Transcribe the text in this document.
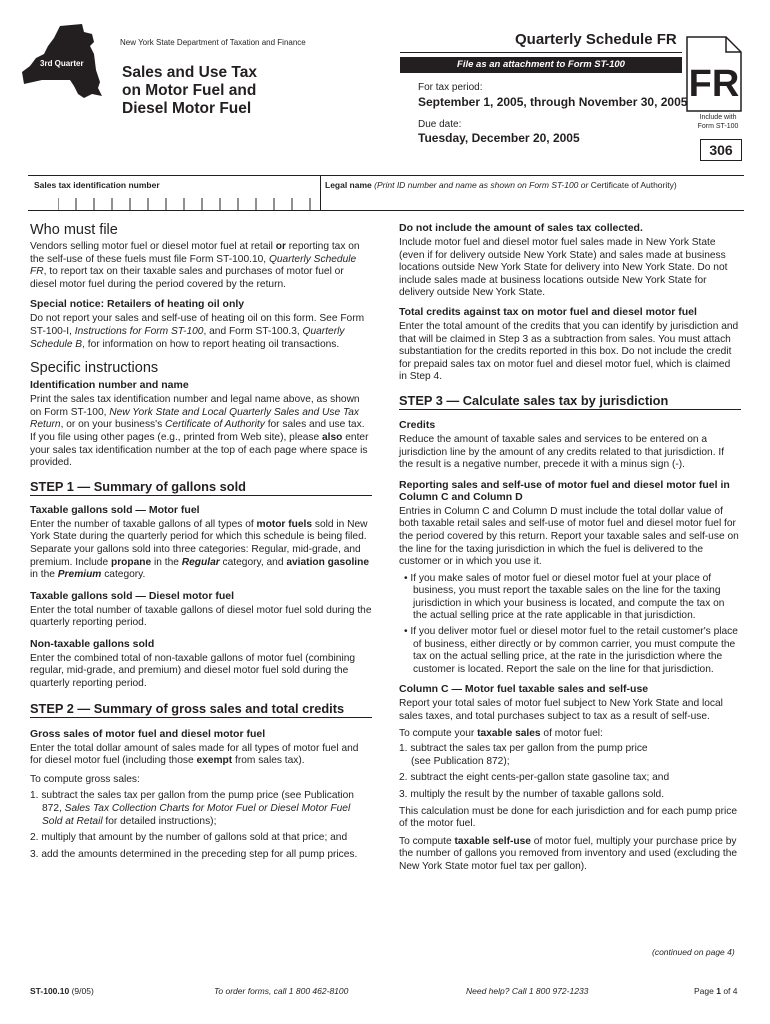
3rd Quarter
New York State Department of Taxation and Finance	Quarterly Schedule FR
File as an attachment to Form ST-100
Sales and Use Tax
on Motor Fuel and
Diesel Motor Fuel
For tax period:
September 1, 2005, through November 30, 2005
Due date:
Tuesday, December 20, 2005
FR
Include with
Form ST-100
306
Sales tax identification number	Legal name (Print ID number and name as shown on Form ST-100 or Certificate of Authority)
Who must file

Vendors selling motor fuel or diesel motor fuel at retail or reporting tax on the self-use of these fuels must file Form ST-100.10, Quarterly Schedule FR, to report tax on their taxable sales and purchases of motor fuel or diesel motor fuel during the period covered by the return.

Special notice: Retailers of heating oil only

Do not report your sales and self-use of heating oil on this form. See Form ST-100-I, Instructions for Form ST-100, and Form ST-100.3, Quarterly Schedule B, for information on how to report heating oil transactions.

Specific instructions
Identification number and name

Print the sales tax identification number and legal name above, as shown on Form ST-100, New York State and Local Quarterly Sales and Use Tax Return, or on your business's Certificate of Authority for sales and use tax. If you file using other pages (e.g., printed from Web site), please also enter your sales tax identification number at the top of each page where space is provided.

STEP 1 — Summary of gallons sold
Taxable gallons sold — Motor fuel

Enter the number of taxable gallons of all types of motor fuels sold in New York State during the quarterly period for which this schedule is being filed. Separate your gallons sold into three categories: Regular, mid-grade, and premium. Include propane in the Regular category, and aviation gasoline in the Premium category.

Taxable gallons sold — Diesel motor fuel

Enter the total number of taxable gallons of diesel motor fuel sold during the quarterly reporting period.

Non-taxable gallons sold

Enter the combined total of non-taxable gallons of motor fuel (combining regular, mid-grade, and premium) and diesel motor fuel sold during the quarterly reporting period.

STEP 2 — Summary of gross sales and total credits
Gross sales of motor fuel and diesel motor fuel

Enter the total dollar amount of sales made for all types of motor fuel and for diesel motor fuel (including those exempt from sales tax).

To compute gross sales:

1. subtract the sales tax per gallon from the pump price (see Publication 872, Sales Tax Collection Charts for Motor Fuel or Diesel Motor Fuel Sold at Retail for detailed instructions);
2. multiply that amount by the number of gallons sold at that price; and
3. add the amounts determined in the preceding step for all pump prices.
Do not include the amount of sales tax collected.

Include motor fuel and diesel motor fuel sales made in New York State (even if for delivery outside New York State) and sales made at business locations outside New York State for delivery into New York State. Do not include sales made at business locations outside New York State for delivery outside New York State.

Total credits against tax on motor fuel and diesel motor fuel

Enter the total amount of the credits that you can identify by jurisdiction and that will be claimed in Step 3 as a subtraction from sales. You must attach substantiation for the credits reported in this box. Do not include the credit for prepaid sales tax on motor fuel and diesel motor fuel, which is claimed in Step 4.

STEP 3 — Calculate sales tax by jurisdiction
Credits

Reduce the amount of taxable sales and services to be entered on a jurisdiction line by the amount of any credits related to that jurisdiction. If the result is a negative number, precede it with a minus sign (-).

Reporting sales and self-use of motor fuel and diesel motor fuel in Column C and Column D

Entries in Column C and Column D must include the total dollar value of both taxable retail sales and self-use of motor fuel and diesel motor fuel for the period covered by this return. Report your taxable sales and self-use on the line for the taxing jurisdiction in which the fuel is delivered to the customer or in which you use it.

• If you make sales of motor fuel or diesel motor fuel at your place of business, you must report the taxable sales on the line for the taxing jurisdiction in which your business is located, and compute the tax on the actual selling price at the rate applicable in that jurisdiction.
• If you deliver motor fuel or diesel motor fuel to the retail customer's place of business, either directly or by common carrier, you must compute the tax on the actual selling price, at the rate in the jurisdiction where the customer is located. Report the sale on the line for that jurisdiction.
Column C — Motor fuel taxable sales and self-use

Report your total sales of motor fuel subject to New York State and local sales taxes, and total purchases subject to tax as a result of self-use.

To compute your taxable sales of motor fuel:

1. subtract the sales tax per gallon from the pump price
(see Publication 872);
2. subtract the eight cents-per-gallon state gasoline tax; and
3. multiply the result by the number of taxable gallons sold.

This calculation must be done for each jurisdiction and for each pump price of the motor fuel.

To compute taxable self-use of motor fuel, multiply your purchase price by the number of gallons you removed from inventory and used (excluding the New York State motor fuel tax per gallon).

(continued on page 4)
ST-100.10 (9/05)	To order forms, call 1 800 462-8100	Need help? Call 1 800 972-1233	Page 1 of 4
